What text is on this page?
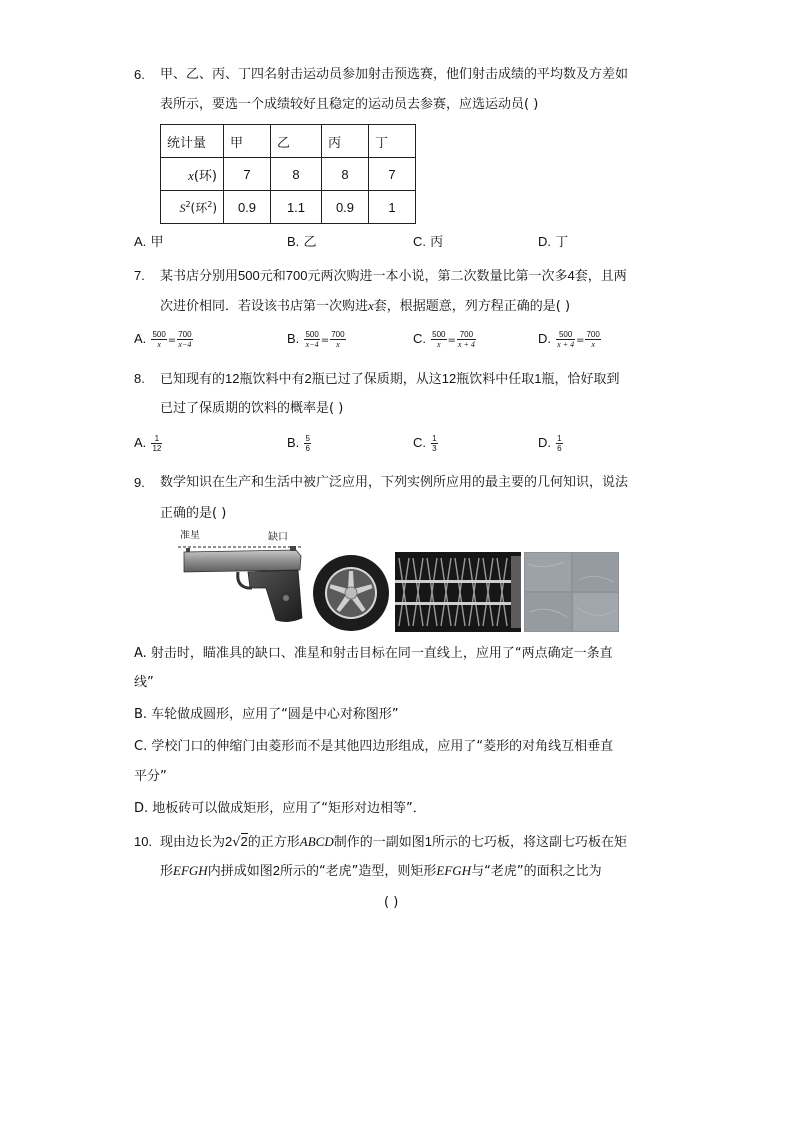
6. 甲、乙、丙、丁四名射击运动员参加射击预选赛，他们射击成绩的平均数及方差如
表所示，要选一个成绩较好且稳定的运动员去参赛，应选运动员( )
统计量	甲	乙	丙	丁
x(环)	7	8	8	7
$S^2$(环$^2$)	0.9	1.1	0.9	1
A. 甲	B. 乙	C. 丙	D. 丁
7. 某书店分别用500元和700元两次购进一本小说，第二次数量比第一次多4套，且两
次进价相同．若设该书店第一次购进x套，根据题意，列方程正确的是( )
A. $\frac{500}{x} = \frac{700}{x-4}$	B. $\frac{500}{x-4} = \frac{700}{x}$	C. $\frac{500}{x} = \frac{700}{x + 4}$	D. $\frac{500}{x + 4} = \frac{700}{x}$
8. 已知现有的12瓶饮料中有2瓶已过了保质期，从这12瓶饮料中任取1瓶，恰好取到
已过了保质期的饮料的概率是( )
A. $\frac{1}{12}$	B. $\frac{5}{6}$	C. $\frac{1}{3}$	D. $\frac{1}{6}$
9. 数学知识在生产和生活中被广泛应用，下列实例所应用的最主要的几何知识，说法
正确的是( )
准星	缺口
A. 射击时，瞄准具的缺口、准星和射击目标在同一直线上，应用了“两点确定一条直
线”
B. 车轮做成圆形，应用了“圆是中心对称图形”
C. 学校门口的伸缩门由菱形而不是其他四边形组成，应用了“菱形的对角线互相垂直
平分”
D. 地板砖可以做成矩形，应用了“矩形对边相等”．
10. 现由边长为2√2的正方形ABCD制作的一副如图1所示的七巧板，将这副七巧板在矩
形EFGH内拼成如图2所示的“老虎”造型，则矩形EFGH与“老虎”的面积之比为
( )
